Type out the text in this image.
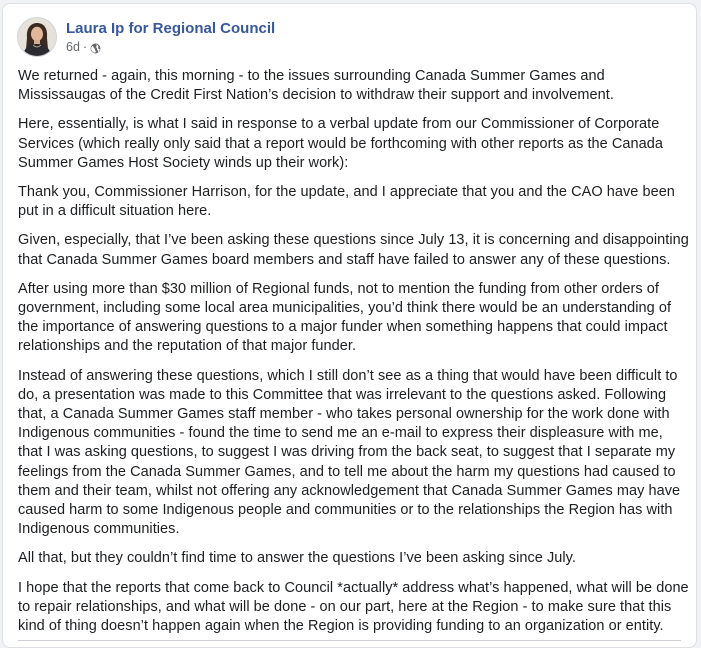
Laura Ip for Regional Council
6d ·

We returned - again, this morning - to the issues surrounding Canada Summer Games and Mississaugas of the Credit First Nation’s decision to withdraw their support and involvement.

Here, essentially, is what I said in response to a verbal update from our Commissioner of Corporate Services (which really only said that a report would be forthcoming with other reports as the Canada Summer Games Host Society winds up their work):

Thank you, Commissioner Harrison, for the update, and I appreciate that you and the CAO have been put in a difficult situation here.

Given, especially, that I’ve been asking these questions since July 13, it is concerning and disappointing that Canada Summer Games board members and staff have failed to answer any of these questions.

After using more than $30 million of Regional funds, not to mention the funding from other orders of government, including some local area municipalities, you’d think there would be an understanding of the importance of answering questions to a major funder when something happens that could impact relationships and the reputation of that major funder.

Instead of answering these questions, which I still don’t see as a thing that would have been difficult to do, a presentation was made to this Committee that was irrelevant to the questions asked. Following that, a Canada Summer Games staff member - who takes personal ownership for the work done with Indigenous communities - found the time to send me an e-mail to express their displeasure with me, that I was asking questions, to suggest I was driving from the back seat, to suggest that I separate my feelings from the Canada Summer Games, and to tell me about the harm my questions had caused to them and their team, whilst not offering any acknowledgement that Canada Summer Games may have caused harm to some Indigenous people and communities or to the relationships the Region has with Indigenous communities.

All that, but they couldn’t find time to answer the questions I’ve been asking since July.

I hope that the reports that come back to Council *actually* address what’s happened, what will be done to repair relationships, and what will be done - on our part, here at the Region - to make sure that this kind of thing doesn’t happen again when the Region is providing funding to an organization or entity.
